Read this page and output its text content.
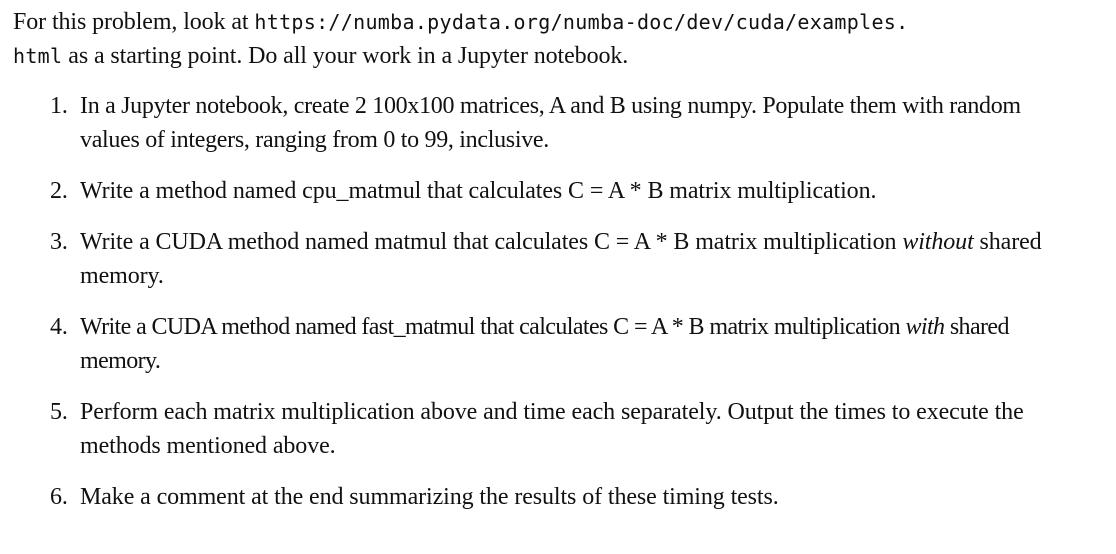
For this problem, look at https://numba.pydata.org/numba-doc/dev/cuda/examples.
html as a starting point. Do all your work in a Jupyter notebook.

1. In a Jupyter notebook, create 2 100x100 matrices, A and B using numpy. Populate them with random values of integers, ranging from 0 to 99, inclusive.
2. Write a method named cpu_matmul that calculates C = A * B matrix multiplication.
3. Write a CUDA method named matmul that calculates C = A * B matrix multiplication without shared memory.
4. Write a CUDA method named fast_matmul that calculates C = A * B matrix multiplication with shared memory.
5. Perform each matrix multiplication above and time each separately. Output the times to execute the methods mentioned above.
6. Make a comment at the end summarizing the results of these timing tests.
